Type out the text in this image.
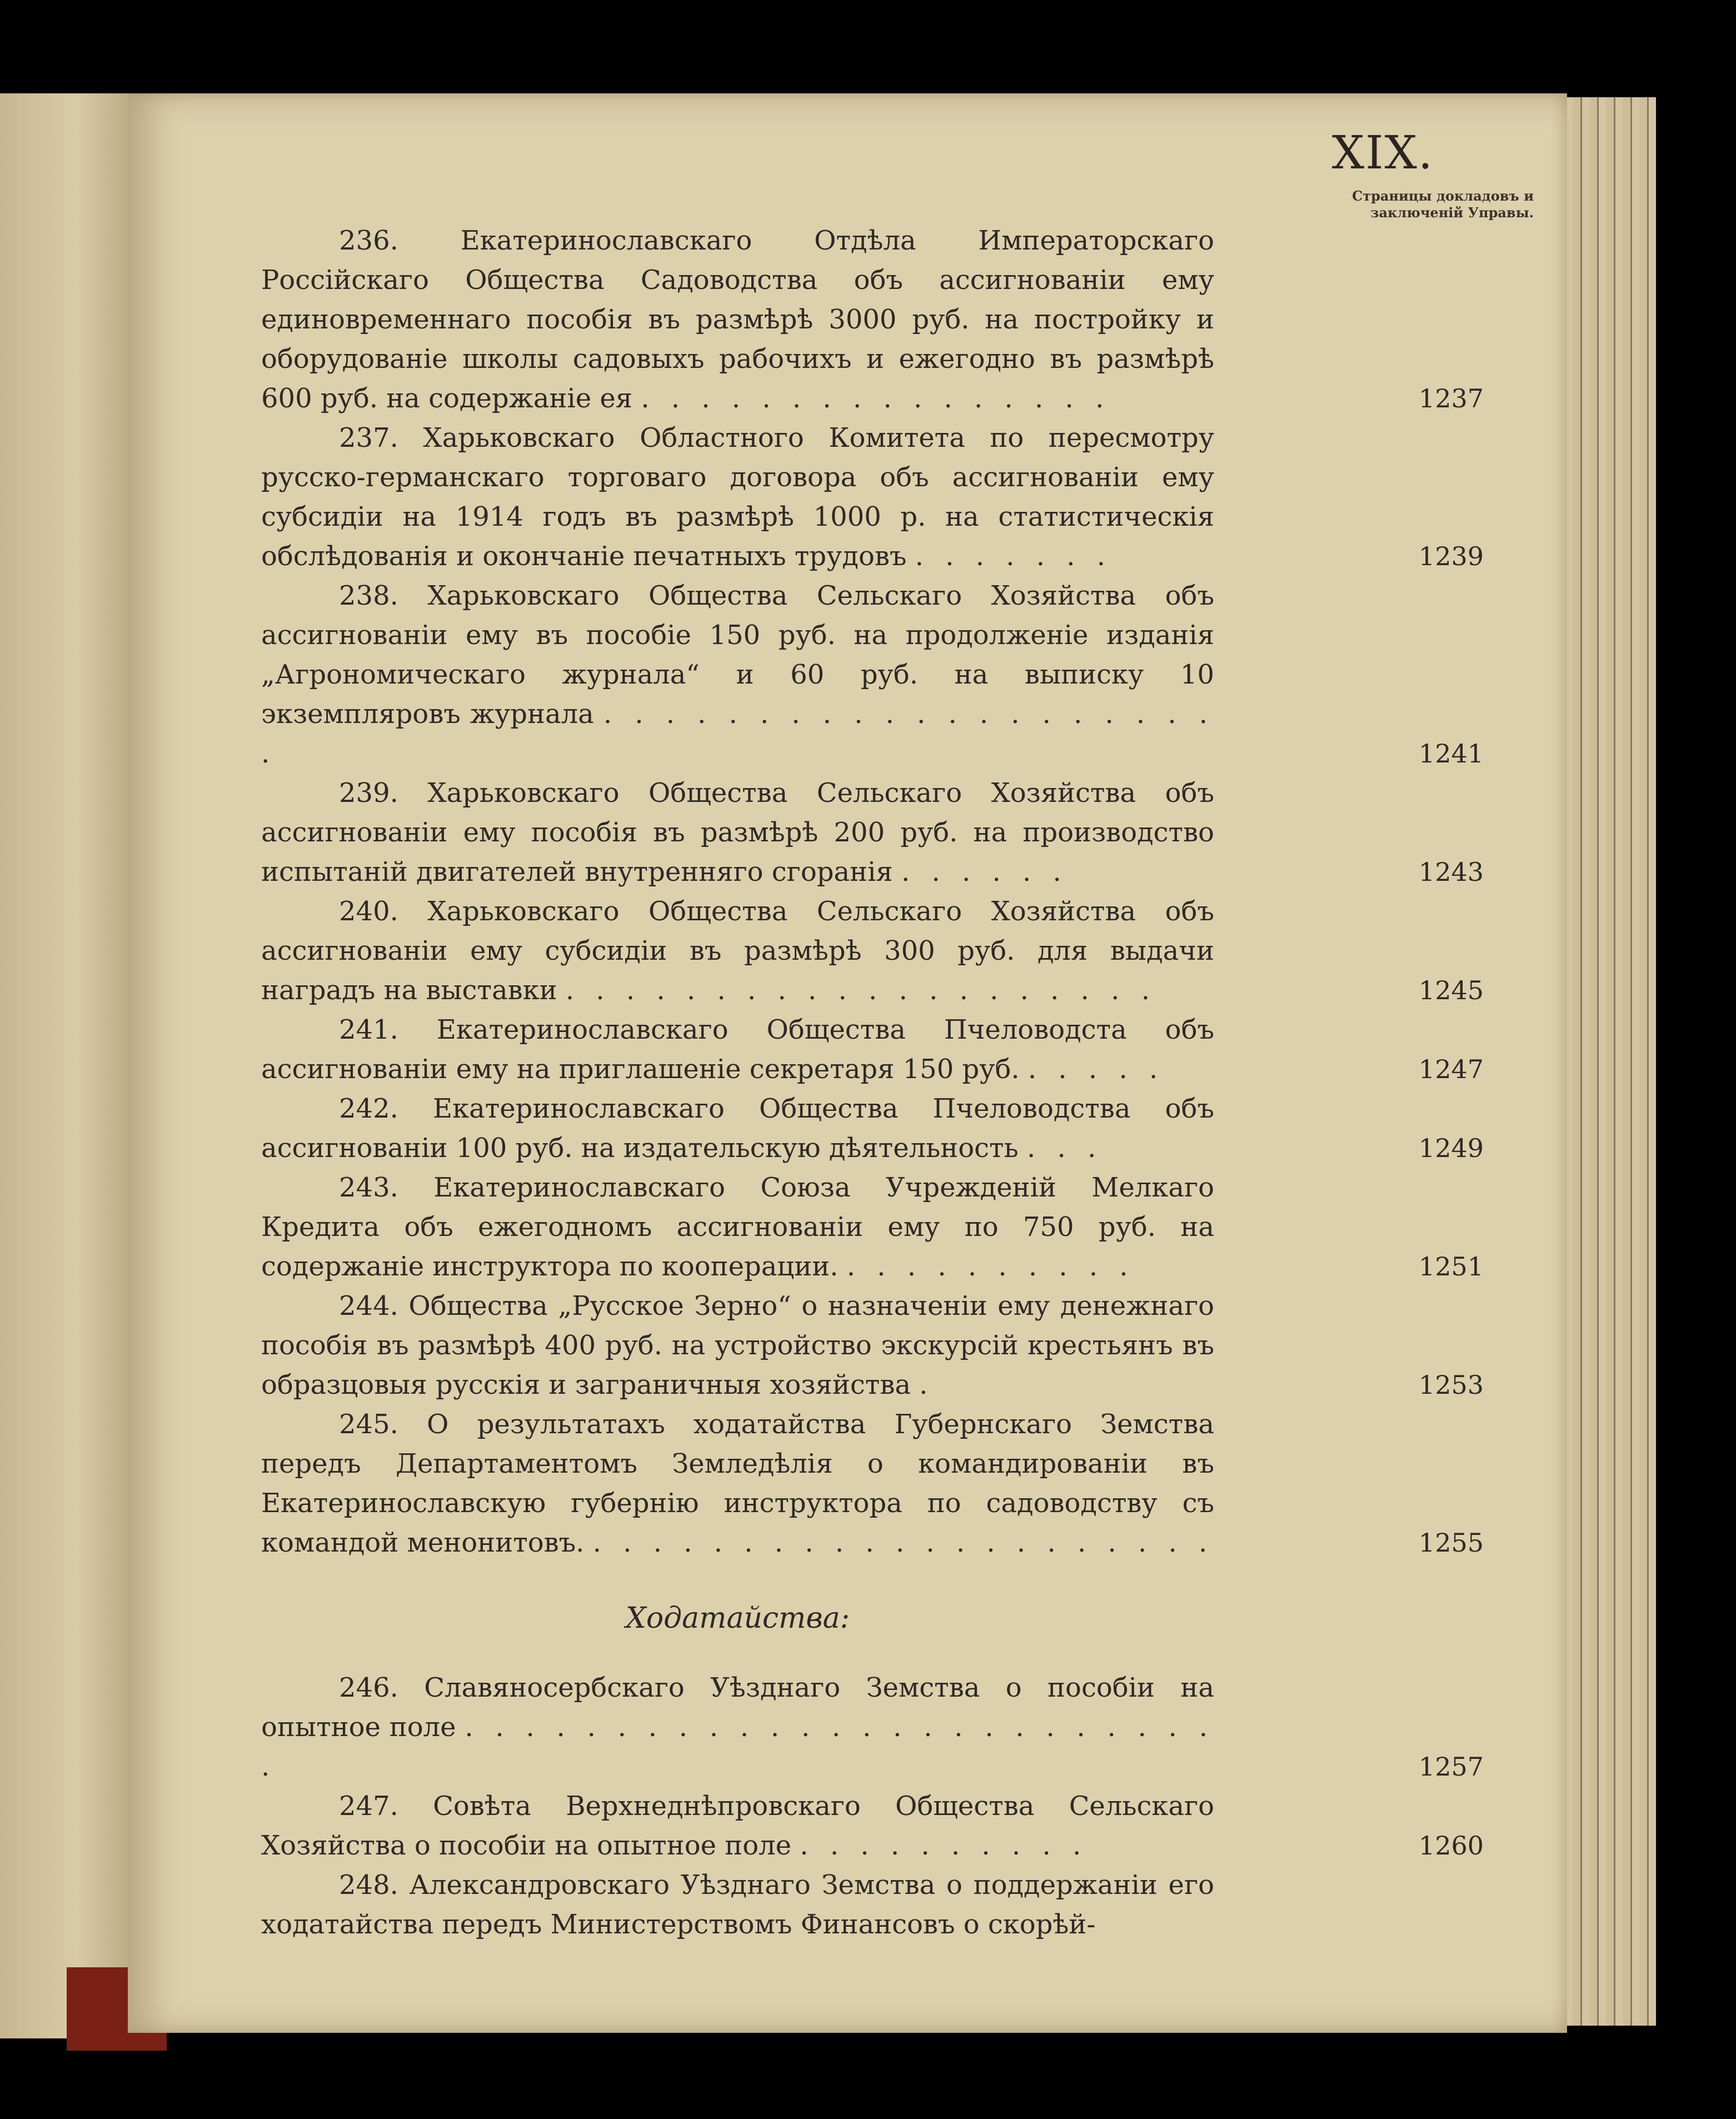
XIX.
Страницы докладовъ и
заключеній Управы.

236. Екатеринославскаго Отдѣла Императорскаго Россійскаго Общества Садоводства объ ассигнованіи ему единовременнаго пособія въ размѣрѣ 3000 руб. на постройку и оборудованіе школы садовыхъ рабочихъ и ежегодно въ размѣрѣ 600 руб. на содержаніе ея . . . . . . . . . . . . . . . .	1237

237. Харьковскаго Областного Комитета по пересмотру русско-германскаго торговаго договора объ ассигнованіи ему субсидіи на 1914 годъ въ размѣрѣ 1000 р. на статистическія обслѣдованія и окончаніе печатныхъ трудовъ . . . . . . .	1239

238. Харьковскаго Общества Сельскаго Хозяйства объ ассигнованіи ему въ пособіе 150 руб. на продолженіе изданія „Агрономическаго журнала“ и 60 руб. на выписку 10 экземпляровъ журнала . . . . . . . . . . . . . . . . . . . . .	1241

239. Харьковскаго Общества Сельскаго Хозяйства объ ассигнованіи ему пособія въ размѣрѣ 200 руб. на производство испытаній двигателей внутренняго сгоранія . . . . . .	1243

240. Харьковскаго Общества Сельскаго Хозяйства объ ассигнованіи ему субсидіи въ размѣрѣ 300 руб. для выдачи наградъ на выставки . . . . . . . . . . . . . . . . . . . .	1245

241. Екатеринославскаго Общества Пчеловодста объ ассигнованіи ему на приглашеніе секретаря 150 руб. . . . . .	1247

242. Екатеринославскаго Общества Пчеловодства объ ассигнованіи 100 руб. на издательскую дѣятельность . . .	1249

243. Екатеринославскаго Союза Учрежденій Мелкаго Кредита объ ежегодномъ ассигнованіи ему по 750 руб. на содержаніе инструктора по кооперации. . . . . . . . . . .	1251

244. Общества „Русское Зерно“ о назначеніи ему денежнаго пособія въ размѣрѣ 400 руб. на устройство экскурсій крестьянъ въ образцовыя русскія и заграничныя хозяйства .	1253

245. О результатахъ ходатайства Губернскаго Земства передъ Департаментомъ Земледѣлія о командированіи въ Екатеринославскую губернію инструктора по садоводству съ командой менонитовъ. . . . . . . . . . . . . . . . . . . . . .	1255
Ходатайства:

246. Славяносербскаго Уѣзднаго Земства о пособіи на опытное поле . . . . . . . . . . . . . . . . . . . . . . . . . .	1257

247. Совѣта Верхнеднѣпровскаго Общества Сельскаго Хозяйства о пособіи на опытное поле . . . . . . . . . .	1260

248. Александровскаго Уѣзднаго Земства о поддержаніи его ходатайства передъ Министерствомъ Финансовъ о скорѣй-
